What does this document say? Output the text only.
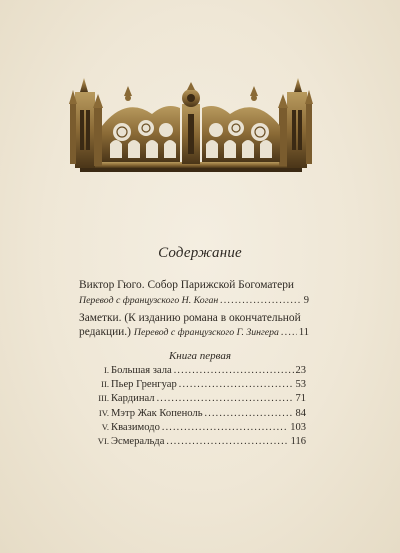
Содержание
Виктор Гюго. Собор Парижской Богоматери
Перевод с французского Н. Коган .....	9
Заметки. (К изданию романа в окончательной
редакции.) Перевод с французского Г. Зингера ..... 11
Книга первая
I. Большая зала .....	23
II. Пьер Гренгуар .....	53
III. Кардинал .....	71
IV. Мэтр Жак Копеноль .....	84
V. Квазимодо .....	103
VI. Эсмеральда .....	116
